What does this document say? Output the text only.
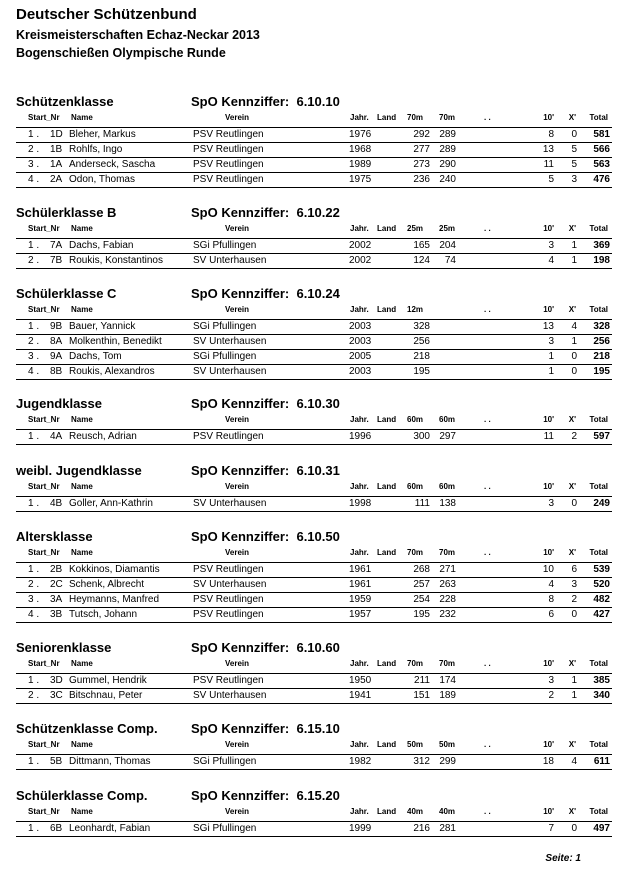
Deutscher Schützenbund
Kreismeisterschaften Echaz-Neckar 2013
Bogenschießen Olympische Runde
Schützenklasse	SpO Kennziffer: 6.10.10
Start_Nr Name	Verein	Jahr. Land 70m 70m	. .	10'	X'	Total
1 . 1D Bleher, Markus	PSV Reutlingen	1976	292 289	8	0	581
2 . 1B Rohlfs, Ingo	PSV Reutlingen	1968	277 289	13	5	566
3 . 1A Anderseck, Sascha	PSV Reutlingen	1989	273 290	11	5	563
4 . 2A Odon, Thomas	PSV Reutlingen	1975	236 240	5	3	476
Schülerklasse B	SpO Kennziffer: 6.10.22
Start_Nr Name	Verein	Jahr. Land 25m 25m	. .	10'	X'	Total
1 . 7A Dachs, Fabian	SGi Pfullingen	2002	165 204	3	1	369
2 . 7B Roukis, Konstantinos	SV Unterhausen	2002	124	74	4	1	198
Schülerklasse C	SpO Kennziffer: 6.10.24
Start_Nr Name	Verein	Jahr. Land 12m	. .	10'	X'	Total
1 . 9B Bauer, Yannick	SGi Pfullingen	2003	328	13	4	328
2 . 8A Molkenthin, Benedikt	SV Unterhausen	2003	256	3	1	256
3 . 9A Dachs, Tom	SGi Pfullingen	2005	218	1	0	218
4 . 8B Roukis, Alexandros	SV Unterhausen	2003	195	1	0	195
Jugendklasse	SpO Kennziffer: 6.10.30
Start_Nr Name	Verein	Jahr. Land 60m 60m	. .	10'	X'	Total
1 . 4A Reusch, Adrian	PSV Reutlingen	1996	300 297	11	2	597
weibl. Jugendklasse	SpO Kennziffer: 6.10.31
Start_Nr Name	Verein	Jahr. Land 60m 60m	. .	10'	X'	Total
1 . 4B Goller, Ann-Kathrin	SV Unterhausen	1998	111 138	3	0	249
Altersklasse	SpO Kennziffer: 6.10.50
Start_Nr Name	Verein	Jahr. Land 70m 70m	. .	10'	X'	Total
1 . 2B Kokkinos, Diamantis	PSV Reutlingen	1961	268 271	10	6	539
2 . 2C Schenk, Albrecht	SV Unterhausen	1961	257 263	4	3	520
3 . 3A Heymanns, Manfred	PSV Reutlingen	1959	254 228	8	2	482
4 . 3B Tutsch, Johann	PSV Reutlingen	1957	195 232	6	0	427
Seniorenklasse	SpO Kennziffer: 6.10.60
Start_Nr Name	Verein	Jahr. Land 70m 70m	. .	10'	X'	Total
1 . 3D Gummel, Hendrik	PSV Reutlingen	1950	211 174	3	1	385
2 . 3C Bitschnau, Peter	SV Unterhausen	1941	151 189	2	1	340
Schützenklasse Comp.	SpO Kennziffer: 6.15.10
Start_Nr Name	Verein	Jahr. Land 50m 50m	. .	10'	X'	Total
1 . 5B Dittmann, Thomas	SGi Pfullingen	1982	312 299	18	4	611
Schülerklasse Comp.	SpO Kennziffer: 6.15.20
Start_Nr Name	Verein	Jahr. Land 40m 40m	. .	10'	X'	Total
1 . 6B Leonhardt, Fabian	SGi Pfullingen	1999	216 281	7	0	497
Seite: 1
